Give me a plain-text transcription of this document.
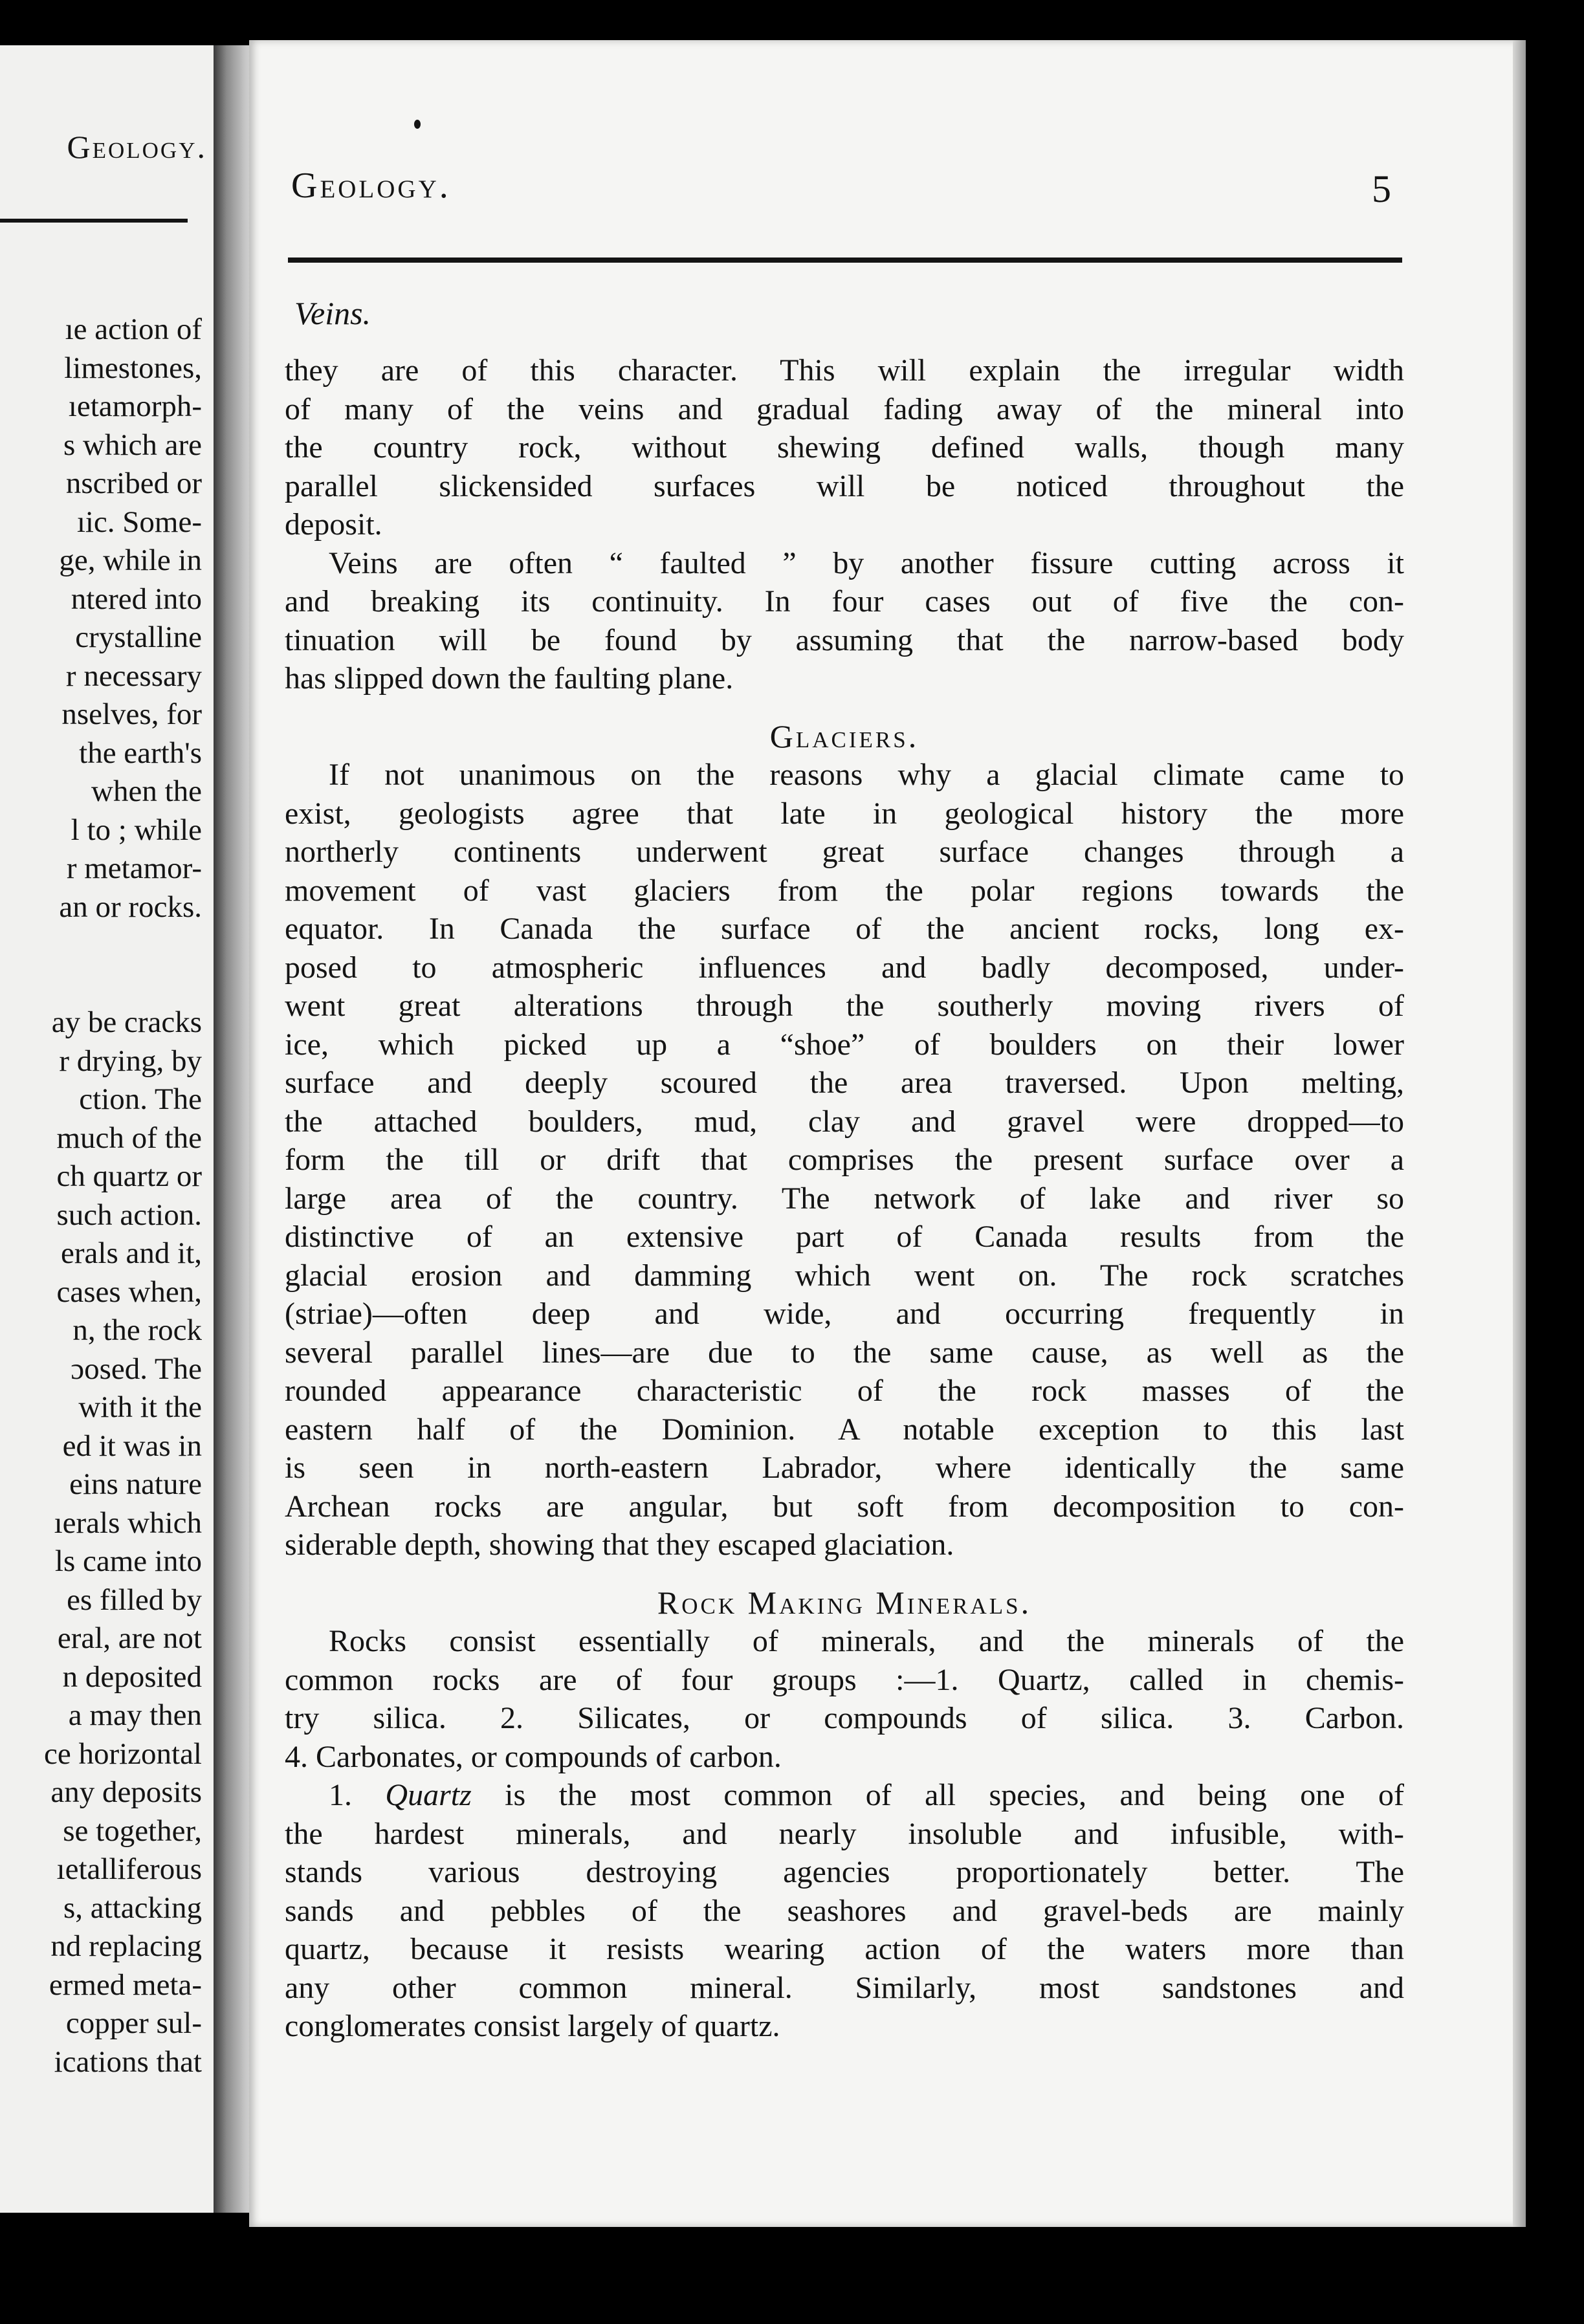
Geology.
ıe action of
limestones,
ıetamorph-
s which are
nscribed or
ıic. Some-
ge, while in
ntered into
crystalline
r necessary
nselves, for
the earth's
when the
l to ; while
r metamor-
an or rocks.
ay be cracks
r drying, by
ction. The
much of the
ch quartz or
such action.
erals and it,
cases when,
n, the rock
ɔosed. The
with it the
ed it was in
eins nature
ıerals which
ls came into
es filled by
eral, are not
n deposited
a may then
ce horizontal
any deposits
se together,
ıetalliferous
s, attacking
nd replacing
ermed meta-
copper sul-
ications that
Geology.	5
Veins.
they are of this character. This will explain the irregular width
of many of the veins and gradual fading away of the mineral into
the country rock, without shewing defined walls, though many
parallel slickensided surfaces will be noticed throughout the
deposit.
Veins are often “ faulted ” by another fissure cutting across it
and breaking its continuity. In four cases out of five the con-
tinuation will be found by assuming that the narrow-based body
has slipped down the faulting plane.
Glaciers.
If not unanimous on the reasons why a glacial climate came to
exist, geologists agree that late in geological history the more
northerly continents underwent great surface changes through a
movement of vast glaciers from the polar regions towards the
equator. In Canada the surface of the ancient rocks, long ex-
posed to atmospheric influences and badly decomposed, under-
went great alterations through the southerly moving rivers of
ice, which picked up a “shoe” of boulders on their lower
surface and deeply scoured the area traversed. Upon melting,
the attached boulders, mud, clay and gravel were dropped—to
form the till or drift that comprises the present surface over a
large area of the country. The network of lake and river so
distinctive of an extensive part of Canada results from the
glacial erosion and damming which went on. The rock scratches
(striae)—often deep and wide, and occurring frequently in
several parallel lines—are due to the same cause, as well as the
rounded appearance characteristic of the rock masses of the
eastern half of the Dominion. A notable exception to this last
is seen in north-eastern Labrador, where identically the same
Archean rocks are angular, but soft from decomposition to con-
siderable depth, showing that they escaped glaciation.
Rock Making Minerals.
Rocks consist essentially of minerals, and the minerals of the
common rocks are of four groups :—1. Quartz, called in chemis-
try silica. 2. Silicates, or compounds of silica. 3. Carbon.
4. Carbonates, or compounds of carbon.
1. Quartz is the most common of all species, and being one of
the hardest minerals, and nearly insoluble and infusible, with-
stands various destroying agencies proportionately better. The
sands and pebbles of the seashores and gravel-beds are mainly
quartz, because it resists wearing action of the waters more than
any other common mineral. Similarly, most sandstones and
conglomerates consist largely of quartz.
